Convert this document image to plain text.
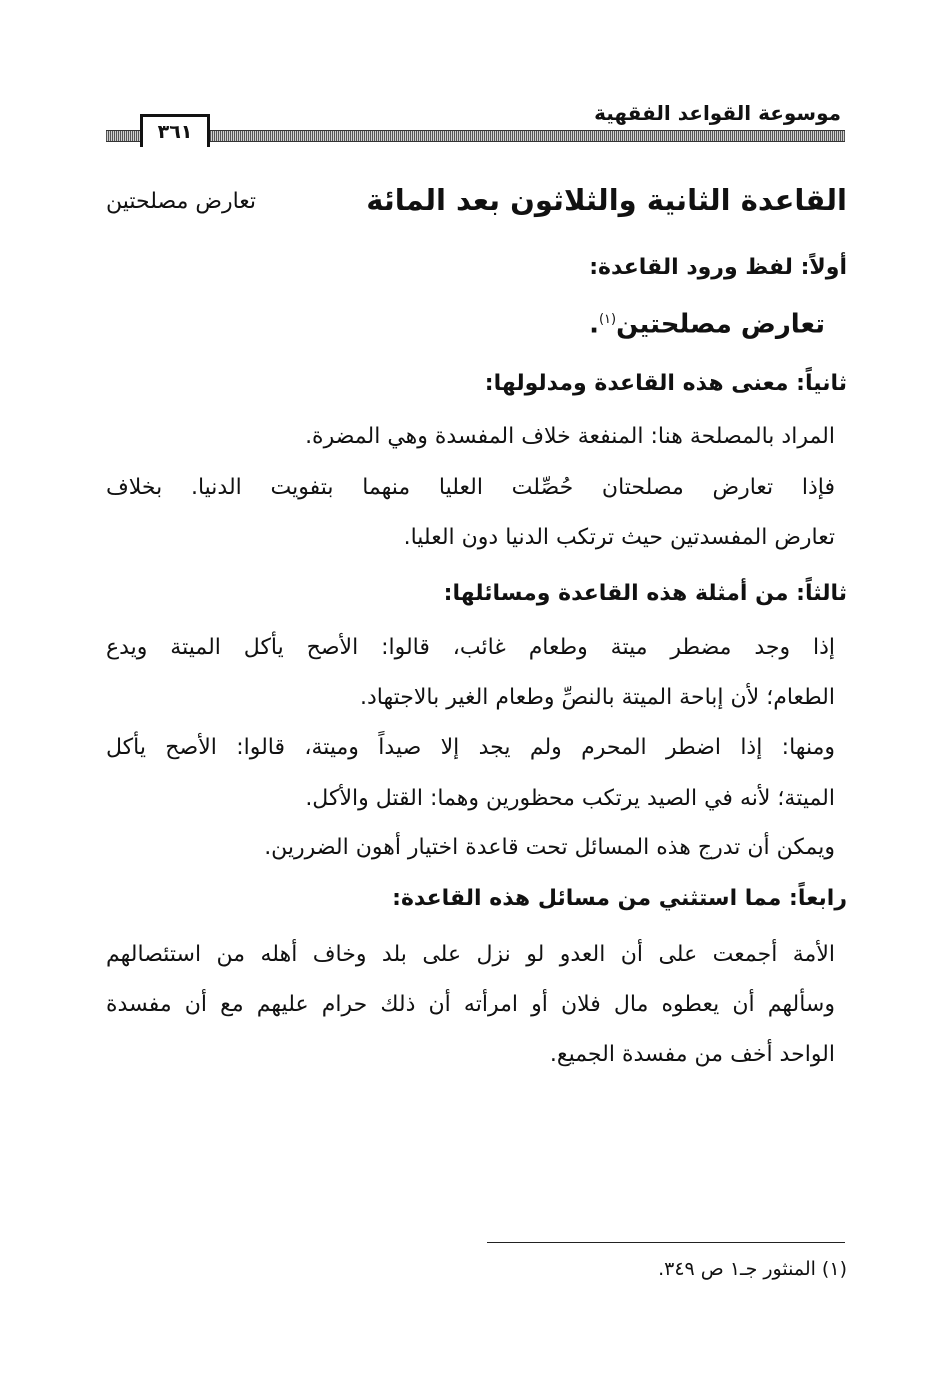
موسوعة القواعد الفقهية
٣٦١
القاعدة الثانية والثلاثون بعد المائة
تعارض مصلحتين
أولاً: لفظ ورود القاعدة:
تعارض مصلحتين$^{(١)}$.
ثانياً: معنى هذه القاعدة ومدلولها:
المراد بالمصلحة هنا: المنفعة خلاف المفسدة وهي المضرة.
فإذا تعارض مصلحتان حُصِّلت العليا منهما بتفويت الدنيا. بخلاف
تعارض المفسدتين حيث ترتكب الدنيا دون العليا.
ثالثاً: من أمثلة هذه القاعدة ومسائلها:
إذا وجد مضطر ميتة وطعام غائب، قالوا: الأصح يأكل الميتة ويدع
الطعام؛ لأن إباحة الميتة بالنصِّ وطعام الغير بالاجتهاد.
ومنها: إذا اضطر المحرم ولم يجد إلا صيداً وميتة، قالوا: الأصح يأكل
الميتة؛ لأنه في الصيد يرتكب محظورين وهما: القتل والأكل.
ويمكن أن تدرج هذه المسائل تحت قاعدة اختيار أهون الضررين.
رابعاً: مما استثني من مسائل هذه القاعدة:
الأمة أجمعت على أن العدو لو نزل على بلد وخاف أهله من استئصالهم
وسألهم أن يعطوه مال فلان أو امرأته أن ذلك حرام عليهم مع أن مفسدة
الواحد أخف من مفسدة الجميع.
(١) المنثور جـ١ ص ٣٤٩.
